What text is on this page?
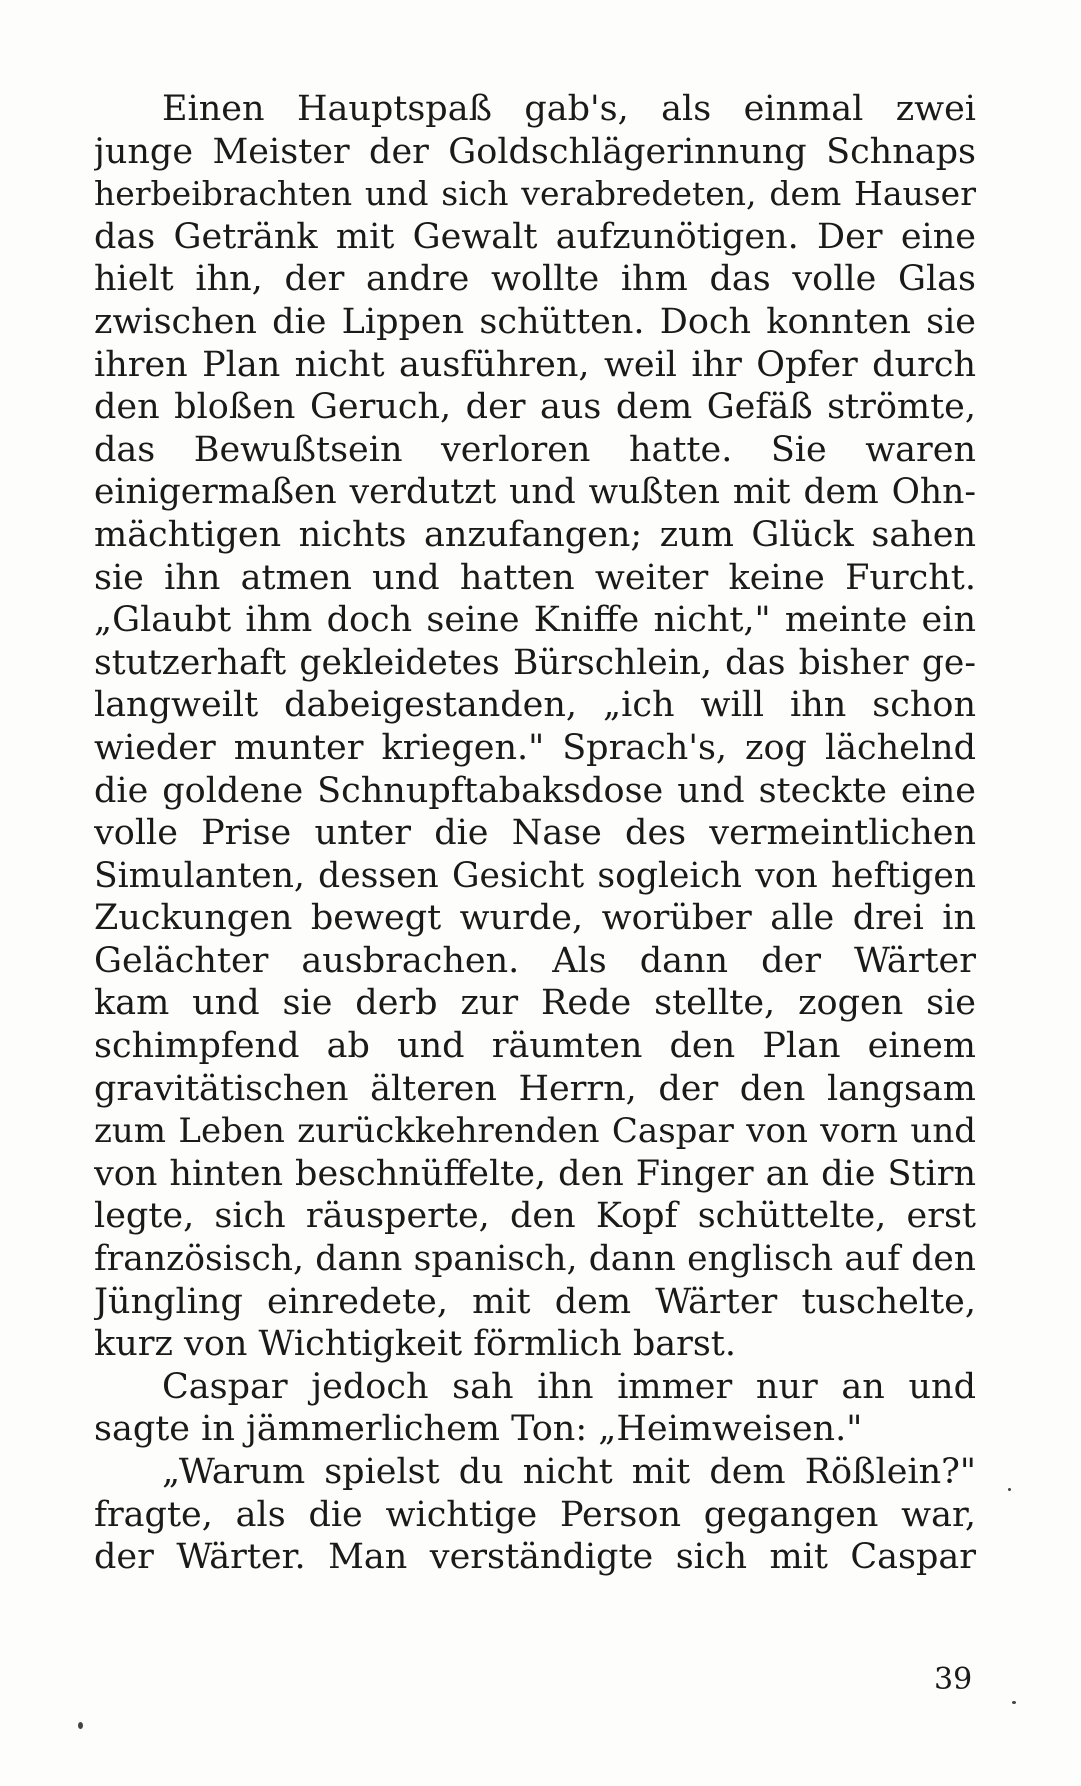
Einen Hauptspaß gab's, als einmal zwei
junge Meister der Goldschlägerinnung Schnaps
herbeibrachten und sich verabredeten, dem Hauser
das Getränk mit Gewalt aufzunötigen. Der eine
hielt ihn, der andre wollte ihm das volle Glas
zwischen die Lippen schütten. Doch konnten sie
ihren Plan nicht ausführen, weil ihr Opfer durch
den bloßen Geruch, der aus dem Gefäß strömte,
das Bewußtsein verloren hatte. Sie waren
einigermaßen verdutzt und wußten mit dem Ohn-
mächtigen nichts anzufangen; zum Glück sahen
sie ihn atmen und hatten weiter keine Furcht.
„Glaubt ihm doch seine Kniffe nicht," meinte ein
stutzerhaft gekleidetes Bürschlein, das bisher ge-
langweilt dabeigestanden, „ich will ihn schon
wieder munter kriegen." Sprach's, zog lächelnd
die goldene Schnupftabaksdose und steckte eine
volle Prise unter die Nase des vermeintlichen
Simulanten, dessen Gesicht sogleich von heftigen
Zuckungen bewegt wurde, worüber alle drei in
Gelächter ausbrachen. Als dann der Wärter
kam und sie derb zur Rede stellte, zogen sie
schimpfend ab und räumten den Plan einem
gravitätischen älteren Herrn, der den langsam
zum Leben zurückkehrenden Caspar von vorn und
von hinten beschnüffelte, den Finger an die Stirn
legte, sich räusperte, den Kopf schüttelte, erst
französisch, dann spanisch, dann englisch auf den
Jüngling einredete, mit dem Wärter tuschelte,
kurz von Wichtigkeit förmlich barst.
Caspar jedoch sah ihn immer nur an und
sagte in jämmerlichem Ton: „Heimweisen."
„Warum spielst du nicht mit dem Rößlein?"
fragte, als die wichtige Person gegangen war,
der Wärter. Man verständigte sich mit Caspar
39
